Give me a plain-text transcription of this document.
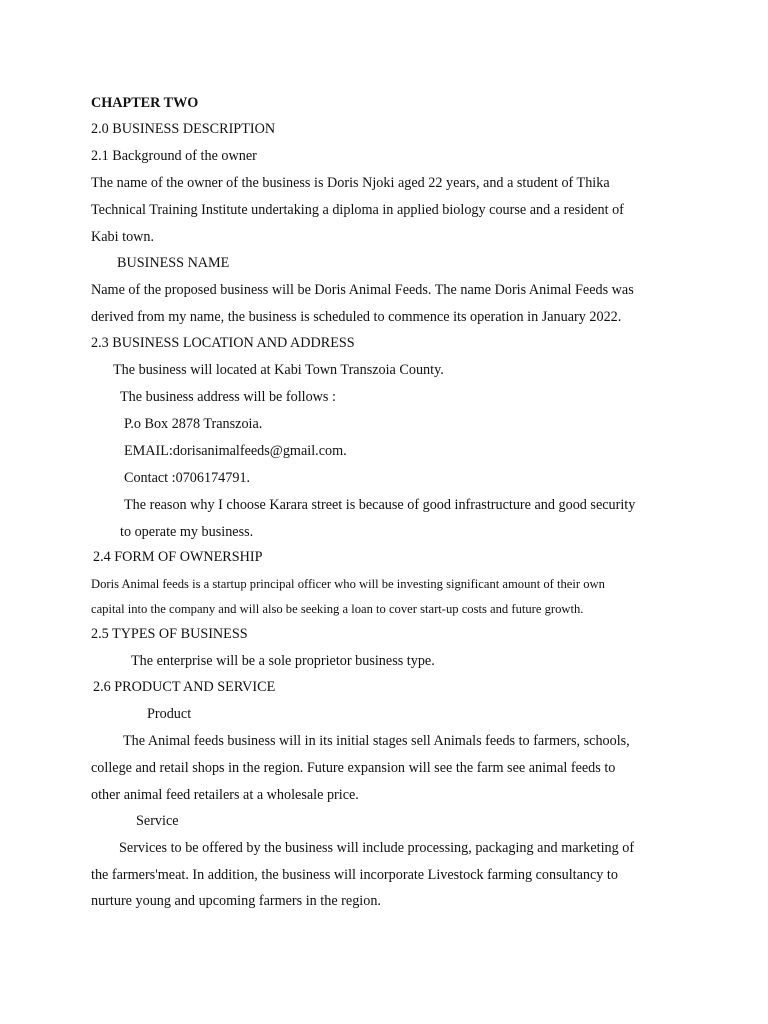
CHAPTER TWO
2.0 BUSINESS DESCRIPTION
2.1 Background of the owner
The name of the owner of the business is Doris Njoki aged 22 years, and a student of Thika
Technical Training Institute undertaking a diploma in applied biology course and a resident of
Kabi town.
BUSINESS NAME
Name of the proposed business will be Doris Animal Feeds. The name Doris Animal Feeds was
derived from my name, the business is scheduled to commence its operation in January 2022.
2.3 BUSINESS LOCATION AND ADDRESS
The business will located at Kabi Town Transzoia County.
The business address will be follows :
P.o Box 2878 Transzoia.
EMAIL:dorisanimalfeeds@gmail.com.
Contact :0706174791.
The reason why I choose Karara street is because of good infrastructure and good security
to operate my business.
2.4 FORM OF OWNERSHIP
Doris Animal feeds is a startup principal officer who will be investing significant amount of their own
capital into the company and will also be seeking a loan to cover start-up costs and future growth.
2.5 TYPES OF BUSINESS
The enterprise will be a sole proprietor business type.
2.6 PRODUCT AND SERVICE
Product
The Animal feeds business will in its initial stages sell Animals feeds to farmers, schools,
college and retail shops in the region. Future expansion will see the farm see animal feeds to
other animal feed retailers at a wholesale price.
Service
Services to be offered by the business will include processing, packaging and marketing of
the farmers'meat. In addition, the business will incorporate Livestock farming consultancy to
nurture young and upcoming farmers in the region.
